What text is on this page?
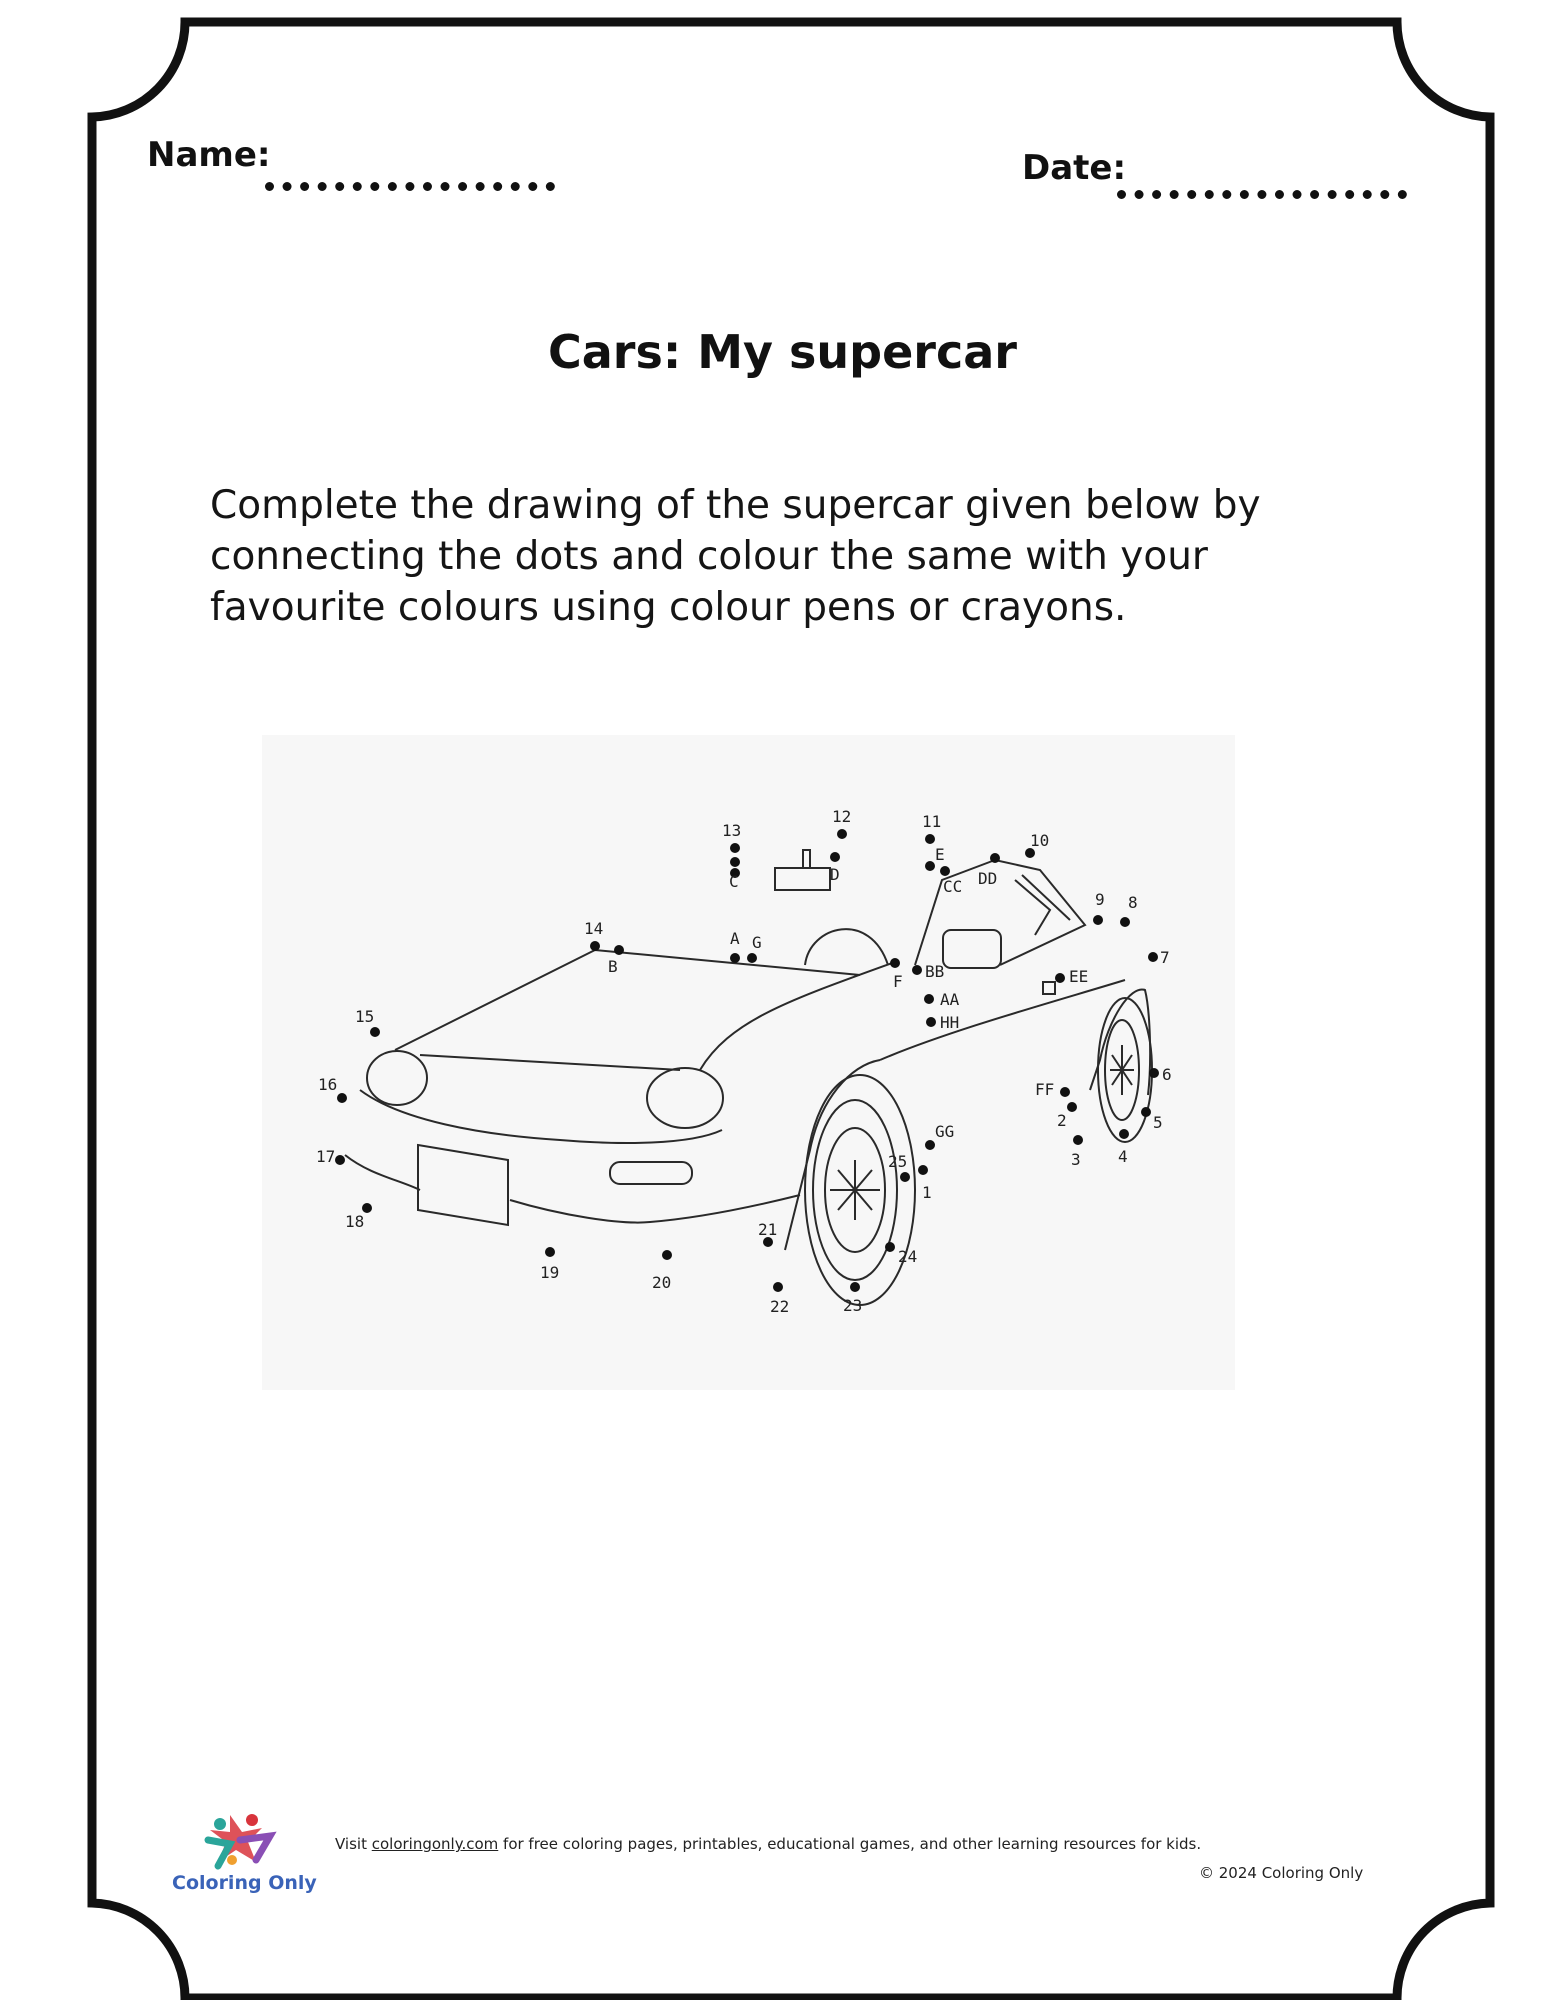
Name:	Date:
Cars: My supercar
Complete the drawing of the supercar given below by connecting the dots and colour the same with your favourite colours using colour pens or crayons.
1
2
3 4
5
6
7
8
9
10
11
12
13
14
15
16
17
18
19
20
21
22	23
24
25
A
B
C	D
E
F
G
AA
BB
CC DD
EE
FF
GG
HH
Coloring Only
Visit coloringonly.com for free coloring pages, printables, educational games, and other learning resources for kids.
© 2024 Coloring Only
